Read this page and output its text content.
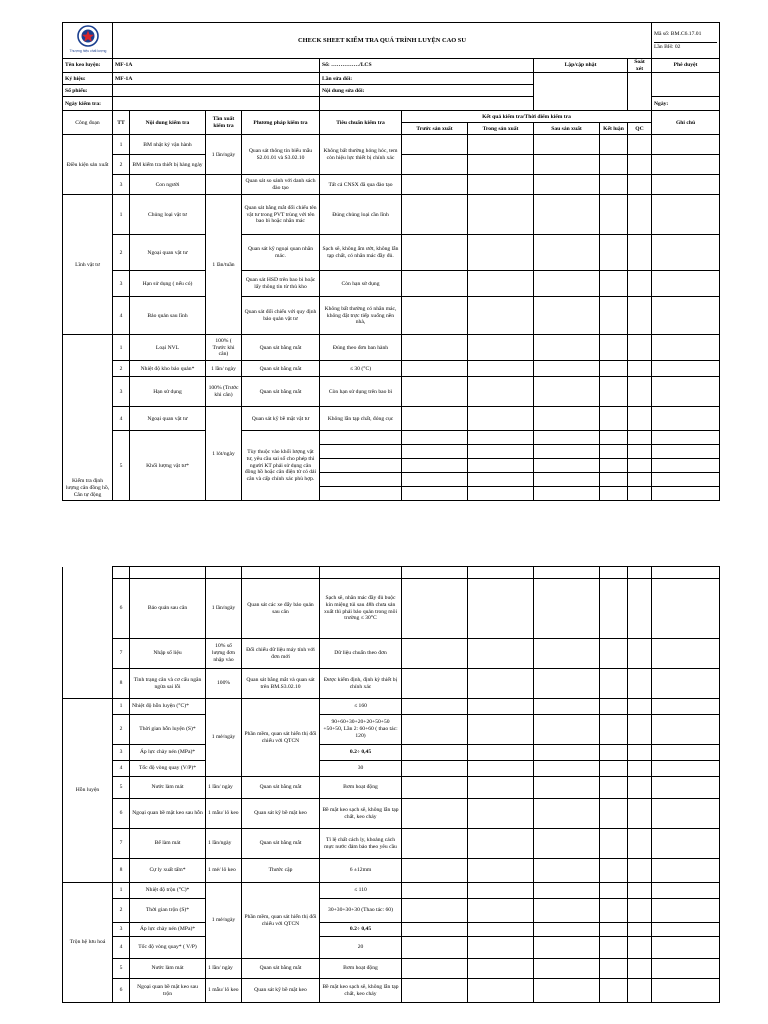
Thượng hiệu chất lượng	CHECK SHEET KIỂM TRA QUÁ TRÌNH LUYỆN CAO SU										Mã số: BM.C6.17.01
Lần BH: 02

Tên keo luyện:	MF-1A				Số: ……………/LCS			Lập/cập nhật		Soát xét	Phê duyệt
Ký hiệu:	MF-1A				Lần sửa đổi:						
Số phiếu:					Nội dung sửa đổi:						
Ngày kiểm tra:											Ngày:
Công đoạn	TT	Nội dung kiểm tra	Tần xuất kiểm tra	Phương pháp kiểm tra	Tiêu chuẩn kiểm tra	Kết quả kiểm tra/Thời điểm kiểm tra					Ghi chú
						Trước sản xuất	Trong sản xuất	Sau sản xuất	Kết luận	QC	
Điều kiện sản xuất	1	BM nhật ký vận hành	1 lần/ngày	Quan sát thông tin biểu mẫu S2.01.01 và S3.02.10	Không bất thường hỏng hóc, tem còn hiệu lực thiết bị chính xác						
	2	BM kiểm tra thiết bị hàng ngày									
	3	Con người		Quan sát so sánh với danh sách đào tạo	Tất cả CNSX đã qua đào tạo						
Lĩnh vật tư	1	Chủng loại vật tư	1 lần/tuần	Quan sát bằng mắt đối chiếu tên vật tư trong PVT trùng với tên bao bì hoặc nhãn mác	Đúng chủng loại cần lĩnh						
	2	Ngoại quan vật tư		Quan sát kỹ ngoại quan nhãn mác.	Sạch sẽ, không ẩm ướt, không lẫn tạp chất, có nhãn mác đầy đủ.						
	3	Hạn sử dụng ( nếu có)		Quan sát HSD trên bao bì hoặc lấy thông tin từ thủ kho	Còn hạn sử dụng						
	4	Bảo quản sau lĩnh		Quan sát đối chiếu với quy định bảo quản vật tư	Không bất thường có nhãn mác, không đặt trực tiếp xuống nền nhà,						
Kiểm tra định lượng cân đồng hồ, Cân tự động	1	Loại NVL	100% ( Trước khi cân)	Quan sát bằng mắt	Đúng theo đơn ban hành						
	2	Nhiệt độ kho bảo quản*	1 lần/ ngày	Quan sát bằng mắt	≤ 30 (°C)						
	3	Hạn sử dụng	100% (Trước khi cân)	Quan sát bằng mắt	Còn hạn sử dụng trên bao bì						
	4	Ngoại quan vật tư	1 lót/ngày	Quan sát kỹ bề mặt vật tư	Không lẫn tạp chất, đóng cục						
	5	Khối lượng vật tư*		Tùy thuộc vào khối lượng vật tư, yêu cầu sai số cho phép thì người KT phải sử dụng cân đồng hồ hoặc cân điện tử có dải cân và cấp chính xác phù hợp.							

	6	Bảo quản sau cân	1 lần/ngày	Quan sát các xe đẩy bảo quản sau cân	Sạch sẽ, nhãn mác đầy đủ buộc kín miệng túi sau 48h chưa sản xuất thì phải bảo quản trong môi trường ≤ 30°C						
	7	Nhập số liệu	10% số lượng đơn nhập vào	Đối chiếu dữ liệu máy tính với đơn mới	Dữ liệu chuẩn theo đơn						
	8	Tình trạng cân và cơ cấu ngăn ngừa sai lỗi	100%	Quan sát bằng mắt và quan sát trên BM.S3.02.10	Được kiểm định, định kỳ thiết bị chính xác						
Hỗn luyện	1	Nhiệt độ hỗn luyện (°C)*	1 mẻ/ngày	Phần mềm, quan sát hiển thị đối chiếu với QTCN	≤ 160						
	2	Thời gian hỗn luyện (S)*			90+60+30+20+20+50+50 +50+50, Lần 2: 60+60 ( thao tác: 120)						
	3	Áp lực chày nén (MPa)*			0.2÷ 0,45						
	4	Tốc độ vòng quay (V/P)*			30						
	5	Nước làm mát	1 lần/ ngày	Quan sát bằng mắt	Bơm hoạt động						
	6	Ngoại quan bề mặt keo sau hỗn	1 mẫu/ lô keo	Quan sát kỹ bề mặt keo	Bề mặt keo sạch sẽ, không lẫn tạp chất, keo cháy						
	7	Bể làm mát	1 lần/ngày	Quan sát bằng mắt	Tỉ lệ chất cách ly, khoảng cách mực nước đảm bảo theo yêu cầu						
	8	Cự ly xuất tấm*	1 mẻ/ lô keo	Thước cặp	6 ±12mm						
Trộn hệ lưu hoá	1	Nhiệt độ trộn (°C)*	1 mẻ/ngày	Phần mềm, quan sát hiển thị đối chiếu với QTCN	≤ 110						
	2	Thời gian trộn (S)*			30+30+30+30 (Thao tác: 60)						
	3	Áp lực chày nén (MPa)*			0.2÷ 0,45						
	4	Tốc độ vòng quay* ( V/P)			20						
	5	Nước làm mát	1 lần/ ngày	Quan sát bằng mắt	Bơm hoạt động						
	6	Ngoại quan bề mặt keo sau trộn	1 mẫu/ lô keo	Quan sát kỹ bề mặt keo	Bề mặt keo sạch sẽ, không lẫn tạp chất, keo cháy						
